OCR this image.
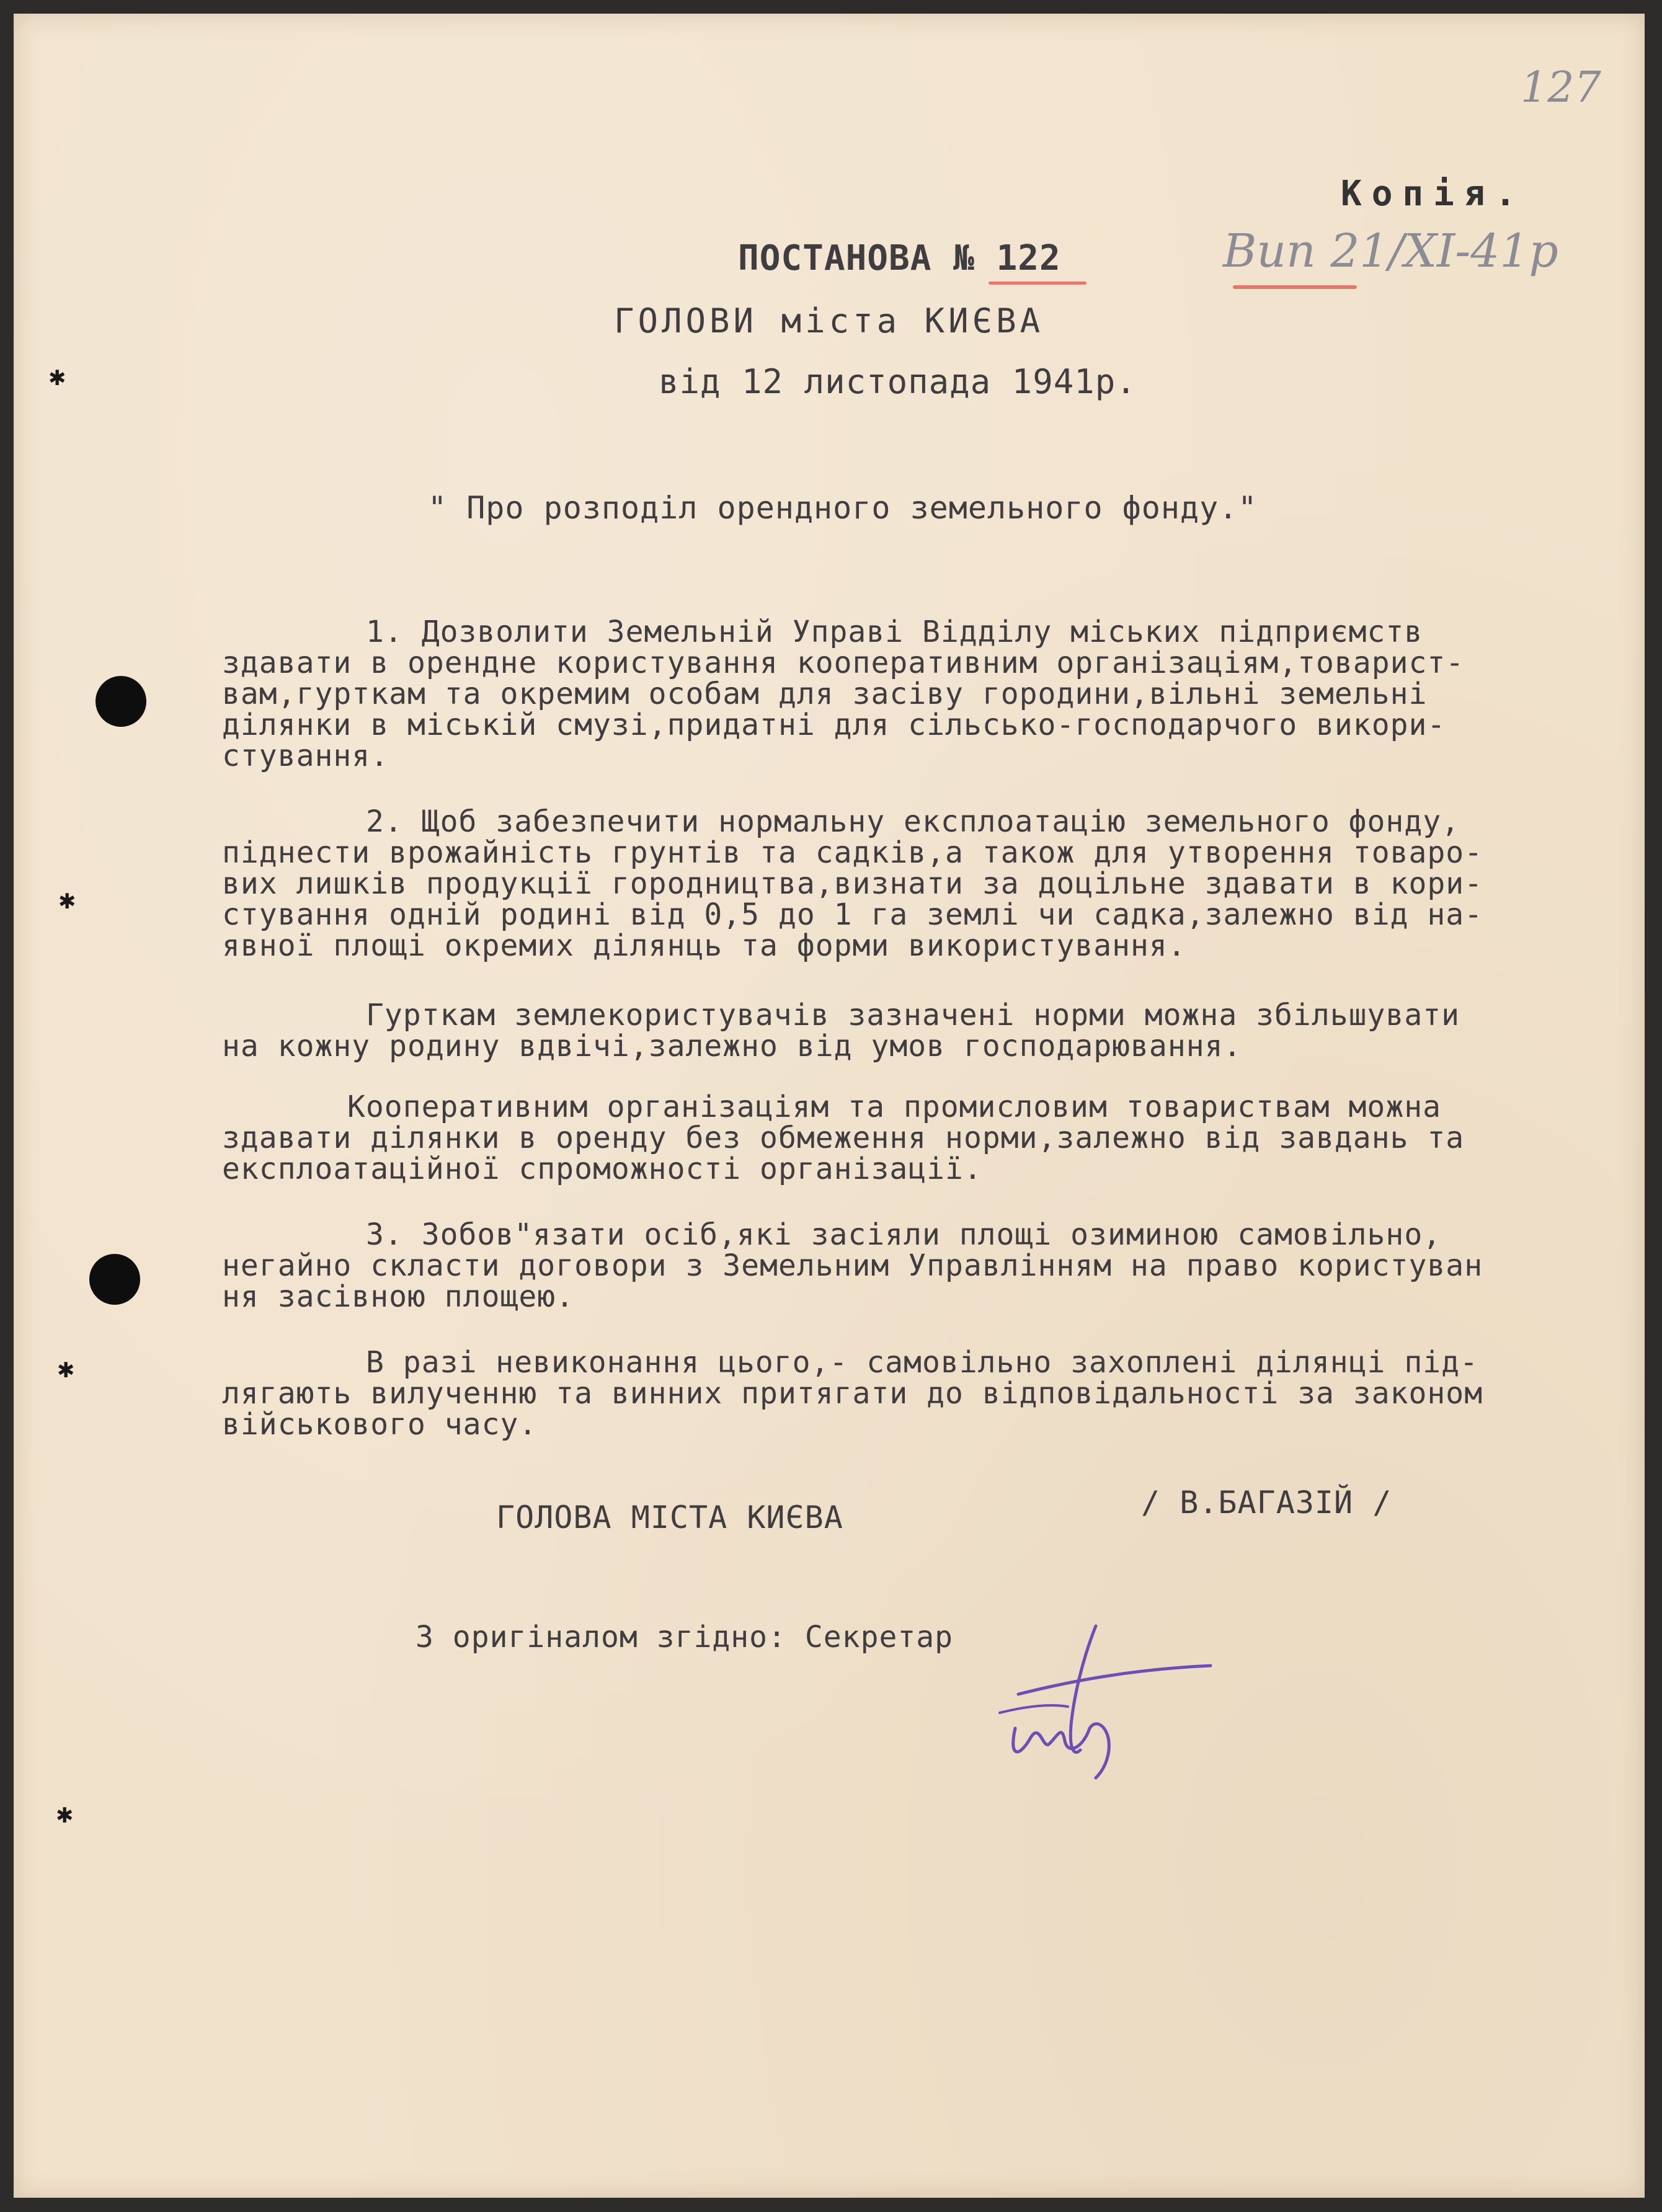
127
Копія.
ПОСТАНОВА № 122	Вип 21/XI-41р
ГОЛОВИ міста КИЄВА
від 12 листопада 1941р.
" Про розподіл орендного земельного фонду."
1. Дозволити Земельній Управі Відділу міських підприємств
здавати в орендне користування кооперативним організаціям,товарист-
вам,гурткам та окремим особам для засіву городини,вільні земельні
ділянки в міській смузі,придатні для сільсько-господарчого викори-
стування.
2. Щоб забезпечити нормальну експлоатацію земельного фонду,
піднести врожайність грунтів та садків,а також для утворення товаро-
вих лишків продукції городництва,визнати за доцільне здавати в кори-
стування одній родині від 0,5 до 1 га землі чи садка,залежно від на-
явної площі окремих ділянць та форми використування.
Гурткам землекористувачів зазначені норми можна збільшувати
на кожну родину вдвічі,залежно від умов господарювання.
Кооперативним організаціям та промисловим товариствам можна
здавати ділянки в оренду без обмеження норми,залежно від завдань та
експлоатаційної спроможності організації.
3. Зобов"язати осіб,які засіяли площі озиминою самовільно,
негайно скласти договори з Земельним Управлінням на право користуван
ня засівною площею.
В разі невиконання цього,- самовільно захоплені ділянці під-
лягають вилученню та винних притягати до відповідальності за законом
військового часу.
ГОЛОВА МІСТА КИЄВА	/ В.БАГАЗІЙ /
З оригіналом згідно: Секретар
✱
✱
✱
✱
